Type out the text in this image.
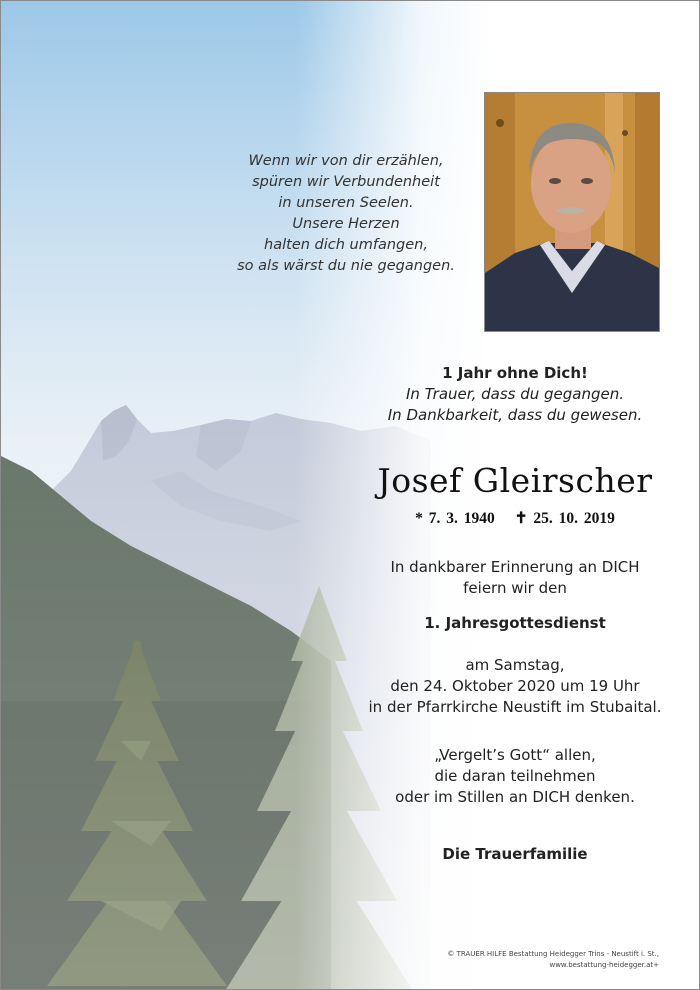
Wenn wir von dir erzählen,
spüren wir Verbundenheit
in unseren Seelen.
Unsere Herzen
halten dich umfangen,
so als wärst du nie gegangen.
1 Jahr ohne Dich!
In Trauer, dass du gegangen.
In Dankbarkeit, dass du gewesen.
Josef Gleirscher
* 7. 3. 1940 ✝ 25. 10. 2019
In dankbarer Erinnerung an DICH
feiern wir den
1. Jahresgottesdienst
am Samstag,
den 24. Oktober 2020 um 19 Uhr
in der Pfarrkirche Neustift im Stubaital.
„Vergelt’s Gott“ allen,
die daran teilnehmen
oder im Stillen an DICH denken.
Die Trauerfamilie
© TRAUER HILFE Bestattung Heidegger Trins - Neustift i. St.,
www.bestattung-heidegger.at+
